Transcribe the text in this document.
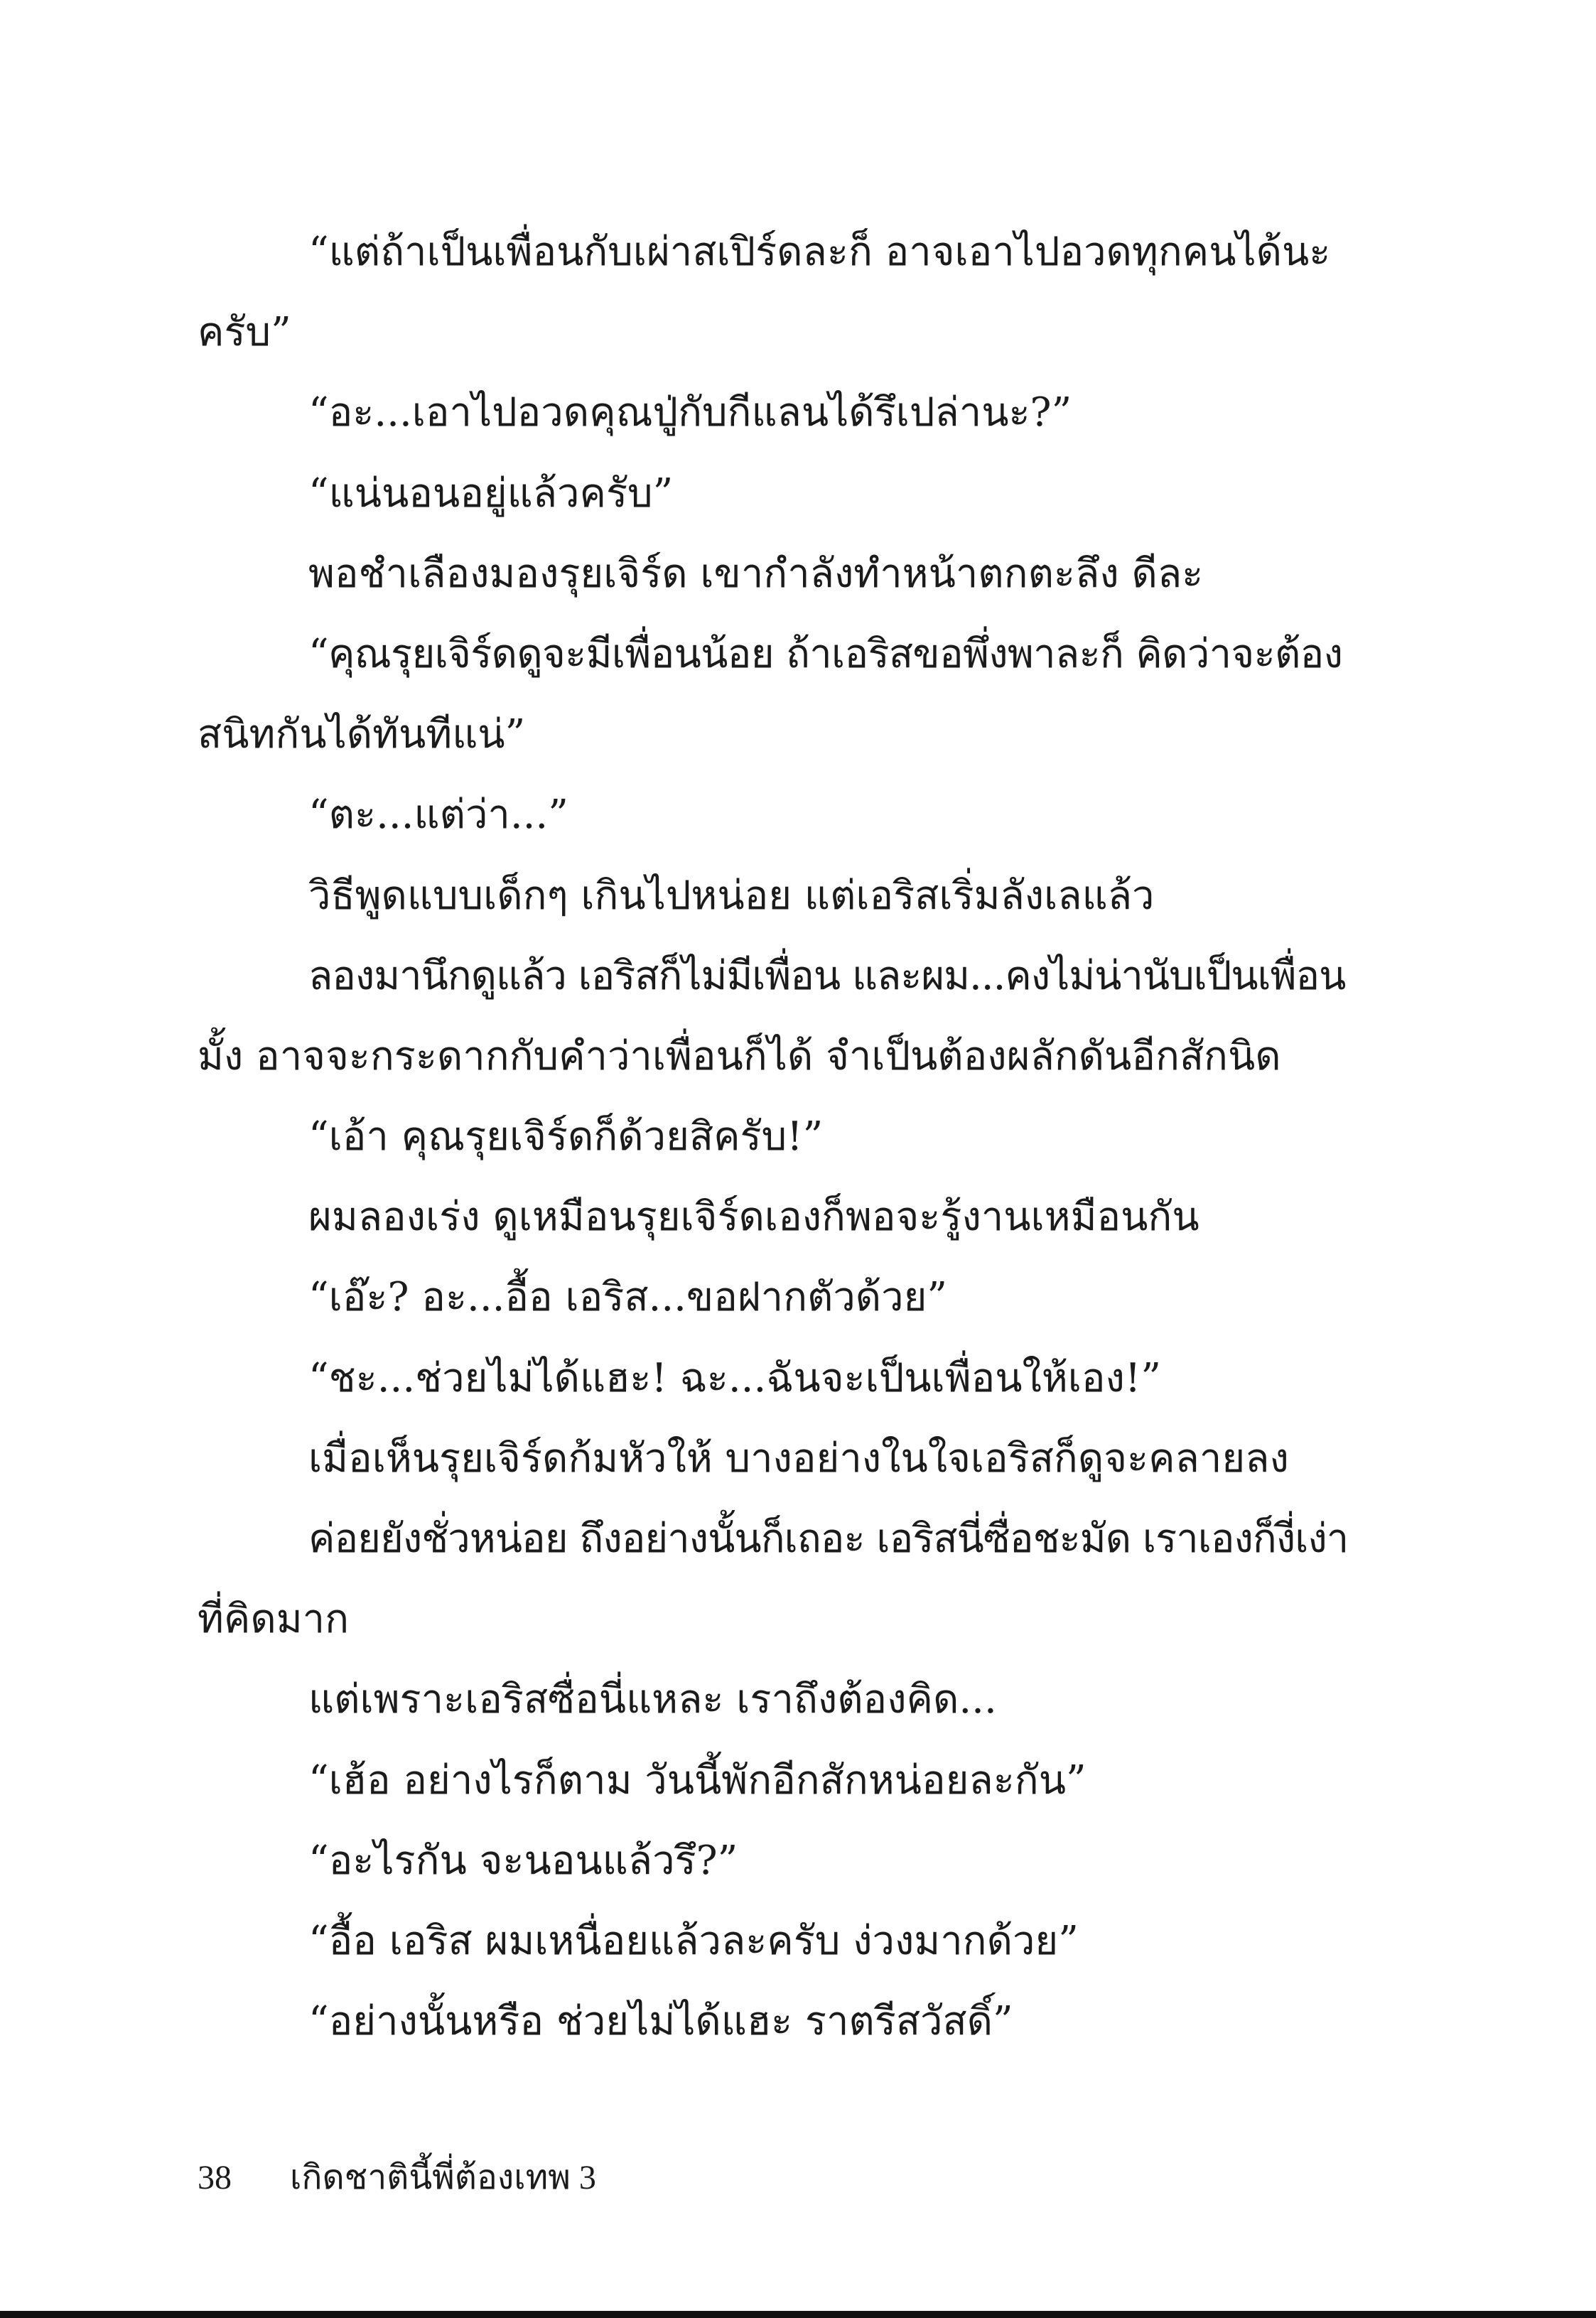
“แต่ถ้าเป็นเพื่อนกับเผ่าสเปิร์ดละก็ อาจเอาไปอวดทุกคนได้นะ
ครับ”
“อะ...เอาไปอวดคุณปู่กับกีแลนได้รึเปล่านะ?”
“แน่นอนอยู่แล้วครับ”
พอชำเลืองมองรุยเจิร์ด เขากำลังทำหน้าตกตะลึง ดีละ
“คุณรุยเจิร์ดดูจะมีเพื่อนน้อย ถ้าเอริสขอพึ่งพาละก็ คิดว่าจะต้อง
สนิทกันได้ทันทีแน่”
“ตะ...แต่ว่า...”
วิธีพูดแบบเด็กๆ เกินไปหน่อย แต่เอริสเริ่มลังเลแล้ว
ลองมานึกดูแล้ว เอริสก็ไม่มีเพื่อน และผม...คงไม่น่านับเป็นเพื่อน
มั้ง อาจจะกระดากกับคำว่าเพื่อนก็ได้ จำเป็นต้องผลักดันอีกสักนิด
“เอ้า คุณรุยเจิร์ดก็ด้วยสิครับ!”
ผมลองเร่ง ดูเหมือนรุยเจิร์ดเองก็พอจะรู้งานเหมือนกัน
“เอ๊ะ? อะ...อื้อ เอริส...ขอฝากตัวด้วย”
“ชะ...ช่วยไม่ได้แฮะ! ฉะ...ฉันจะเป็นเพื่อนให้เอง!”
เมื่อเห็นรุยเจิร์ดก้มหัวให้ บางอย่างในใจเอริสก็ดูจะคลายลง
ค่อยยังชั่วหน่อย ถึงอย่างนั้นก็เถอะ เอริสนี่ซื่อชะมัด เราเองก็งี่เง่า
ที่คิดมาก
แต่เพราะเอริสซื่อนี่แหละ เราถึงต้องคิด...
“เฮ้อ อย่างไรก็ตาม วันนี้พักอีกสักหน่อยละกัน”
“อะไรกัน จะนอนแล้วรึ?”
“อื้อ เอริส ผมเหนื่อยแล้วละครับ ง่วงมากด้วย”
“อย่างนั้นหรือ ช่วยไม่ได้แฮะ ราตรีสวัสดิ์”
38 เกิดชาตินี้พี่ต้องเทพ 3
